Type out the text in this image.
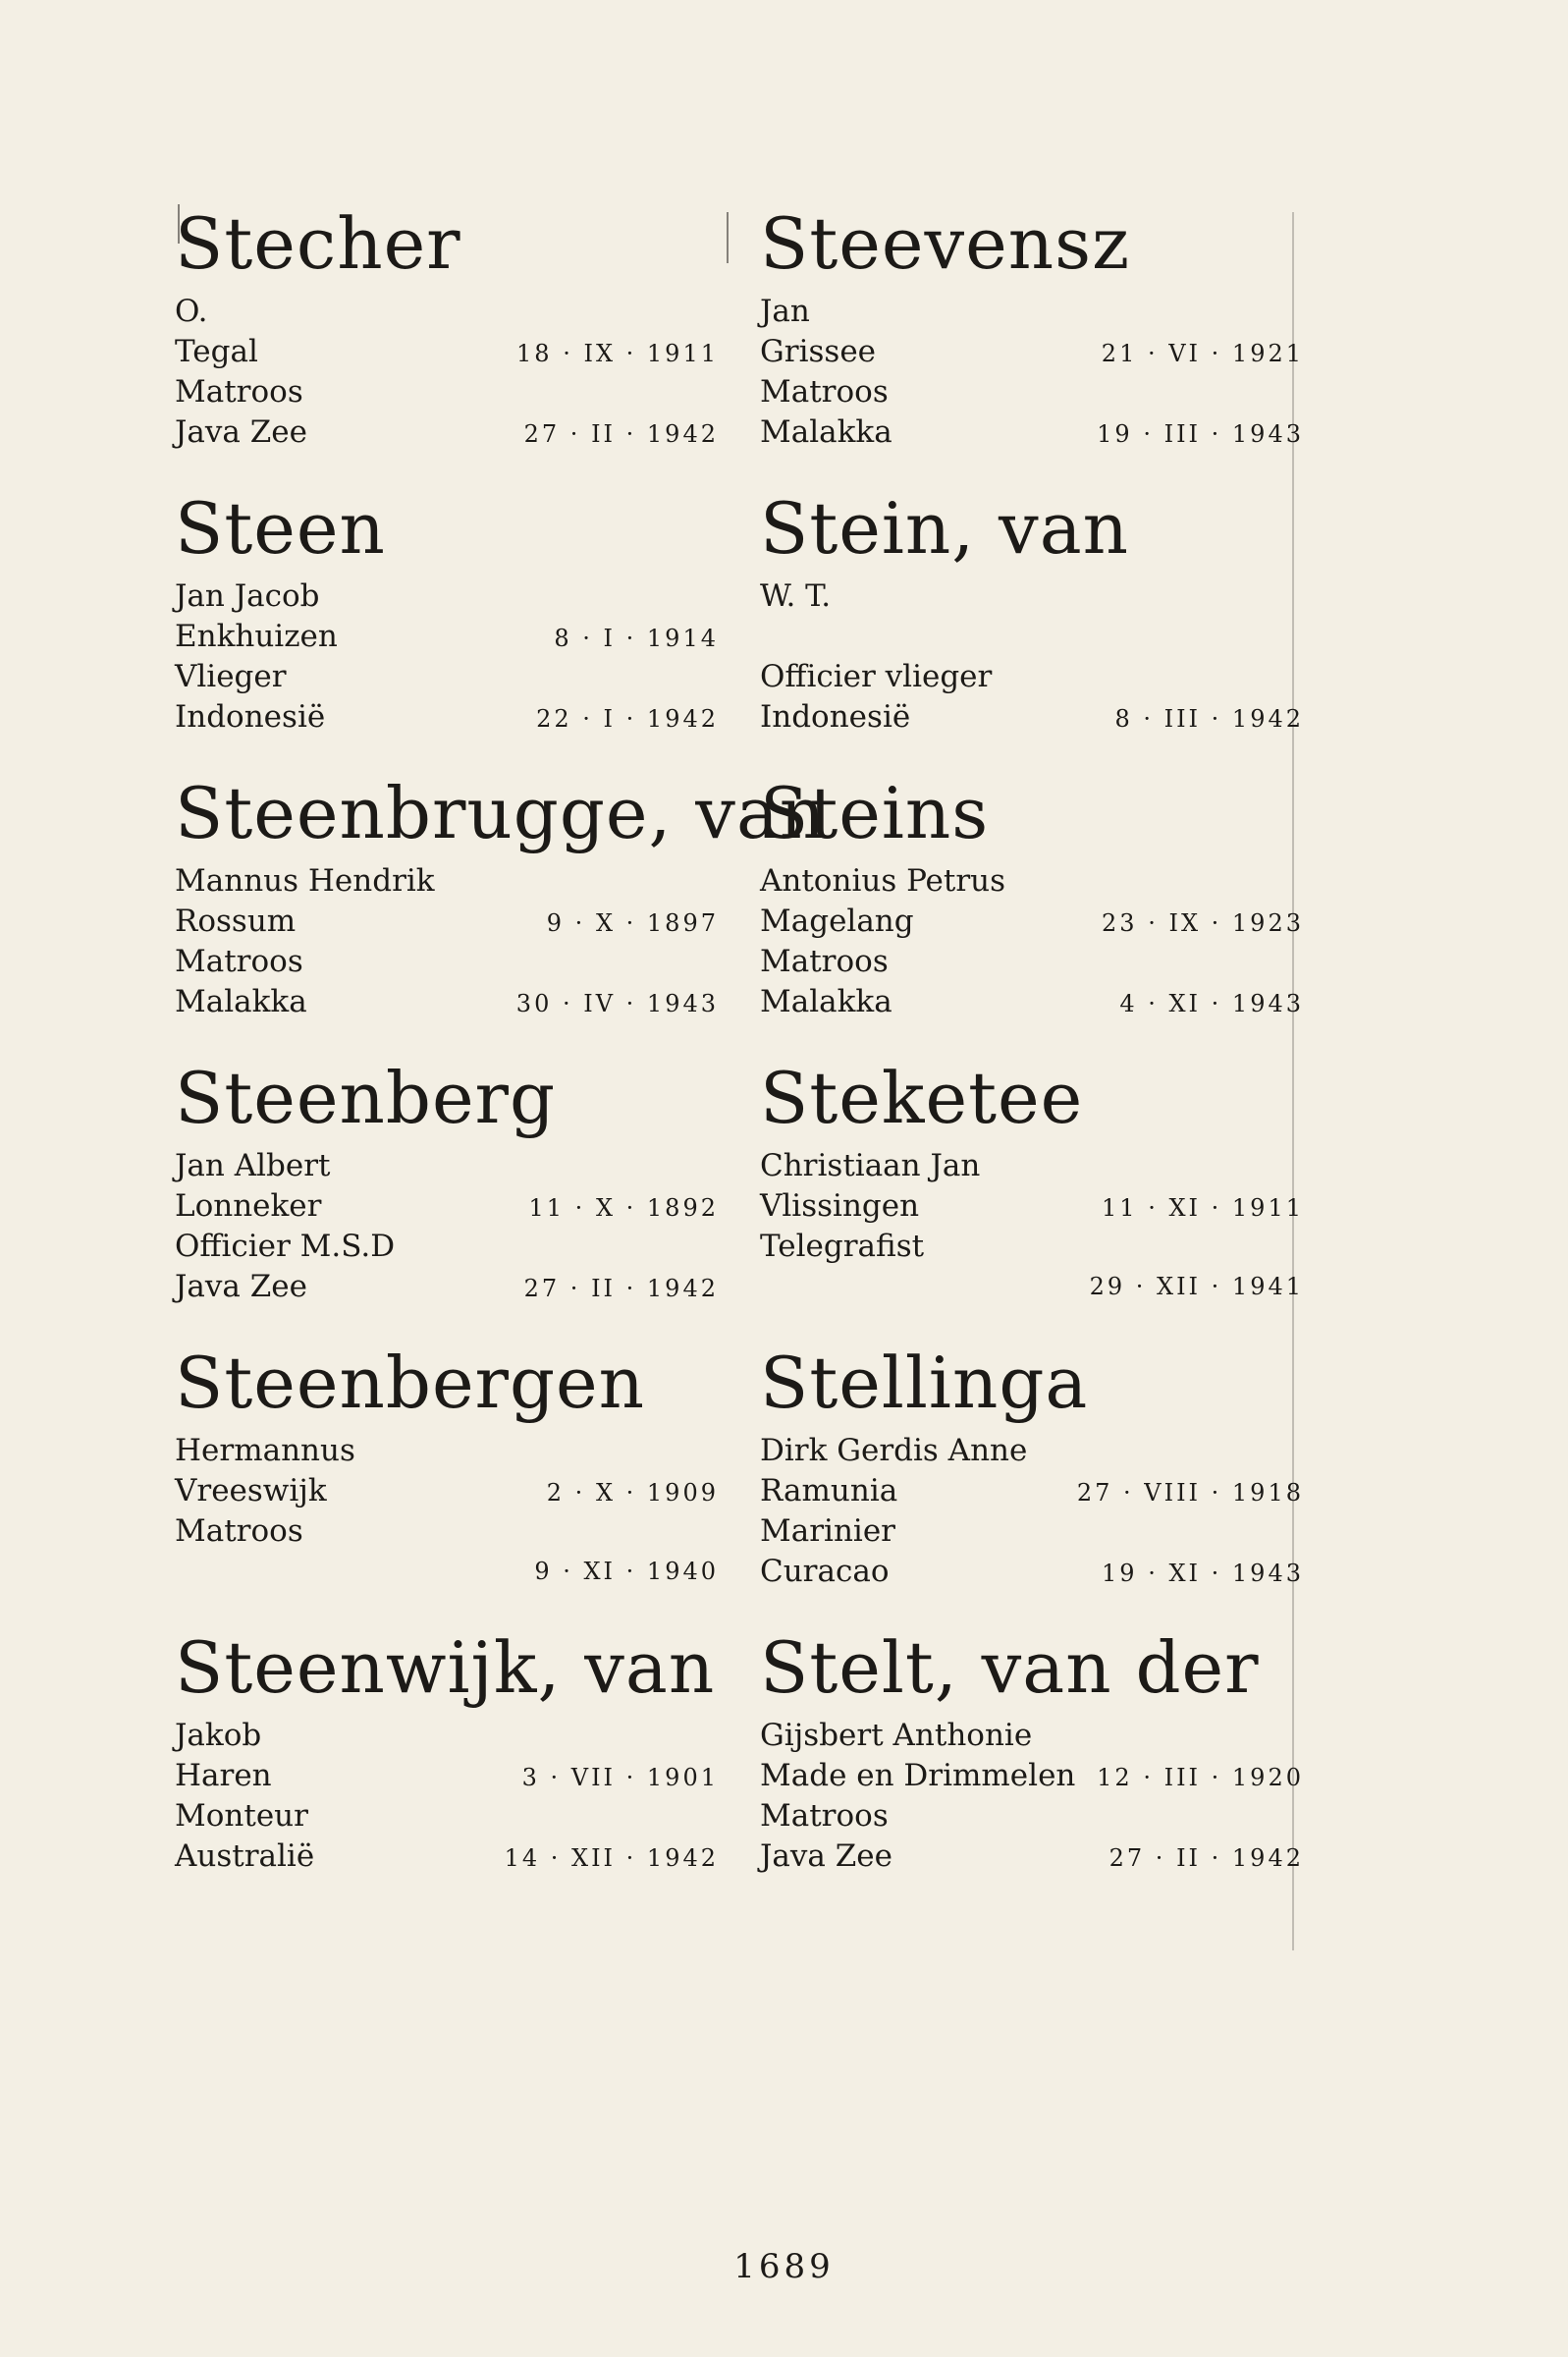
Stecher
O.
Tegal	18 · IX · 1911
Matroos
Java Zee	27 · II · 1942
Steen
Jan Jacob
Enkhuizen	8 · I · 1914
Vlieger
Indonesië	22 · I · 1942
Steenbrugge, van
Mannus Hendrik
Rossum	9 · X · 1897
Matroos
Malakka	30 · IV · 1943
Steenberg
Jan Albert
Lonneker	11 · X · 1892
Officier M.S.D
Java Zee	27 · II · 1942
Steenbergen
Hermannus
Vreeswijk	2 · X · 1909
Matroos
9 · XI · 1940
Steenwijk, van
Jakob
Haren	3 · VII · 1901
Monteur
Australië	14 · XII · 1942
Steevensz
Jan
Grissee	21 · VI · 1921
Matroos
Malakka	19 · III · 1943
Stein, van
W. T.
Officier vlieger
Indonesië	8 · III · 1942
Steins
Antonius Petrus
Magelang	23 · IX · 1923
Matroos
Malakka	4 · XI · 1943
Steketee
Christiaan Jan
Vlissingen	11 · XI · 1911
Telegrafist
29 · XII · 1941
Stellinga
Dirk Gerdis Anne
Ramunia	27 · VIII · 1918
Marinier
Curacao	19 · XI · 1943
Stelt, van der
Gijsbert Anthonie
Made en Drimmelen 12 · III · 1920
Matroos
Java Zee	27 · II · 1942
1689
